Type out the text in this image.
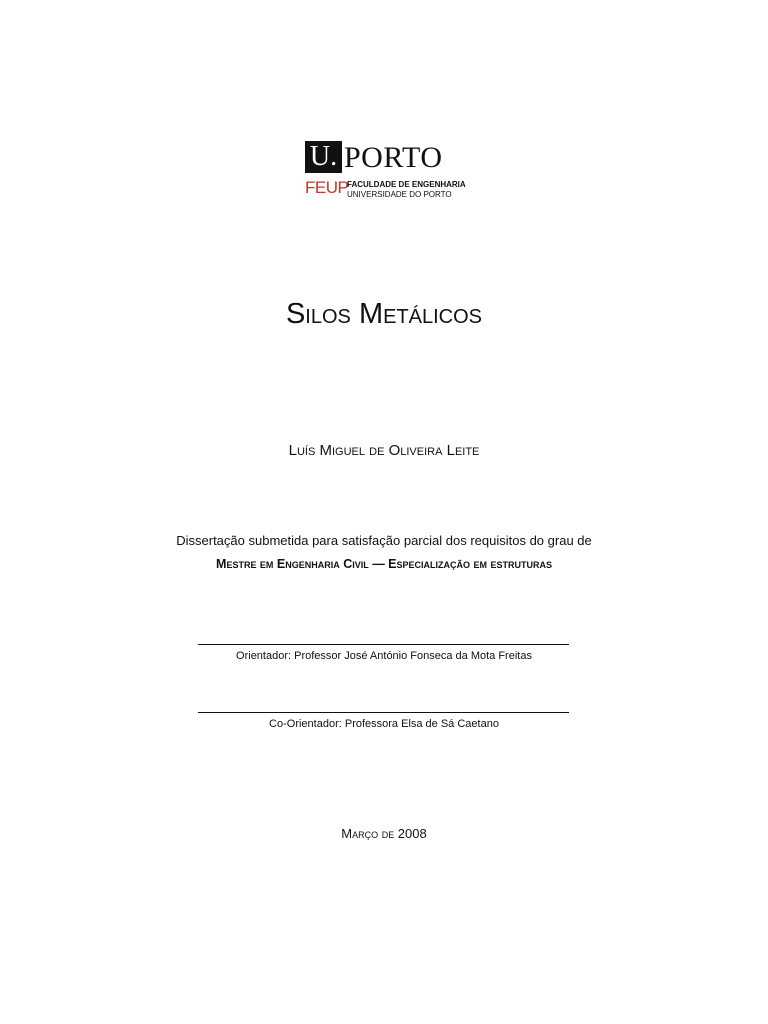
U. PORTO
FEUP
FACULDADE DE ENGENHARIA
UNIVERSIDADE DO PORTO
Silos Metálicos
Luís Miguel de Oliveira Leite
Dissertação submetida para satisfação parcial dos requisitos do grau de
Mestre em Engenharia Civil — Especialização em estruturas
Orientador: Professor José António Fonseca da Mota Freitas
Co-Orientador: Professora Elsa de Sá Caetano
Março de 2008
